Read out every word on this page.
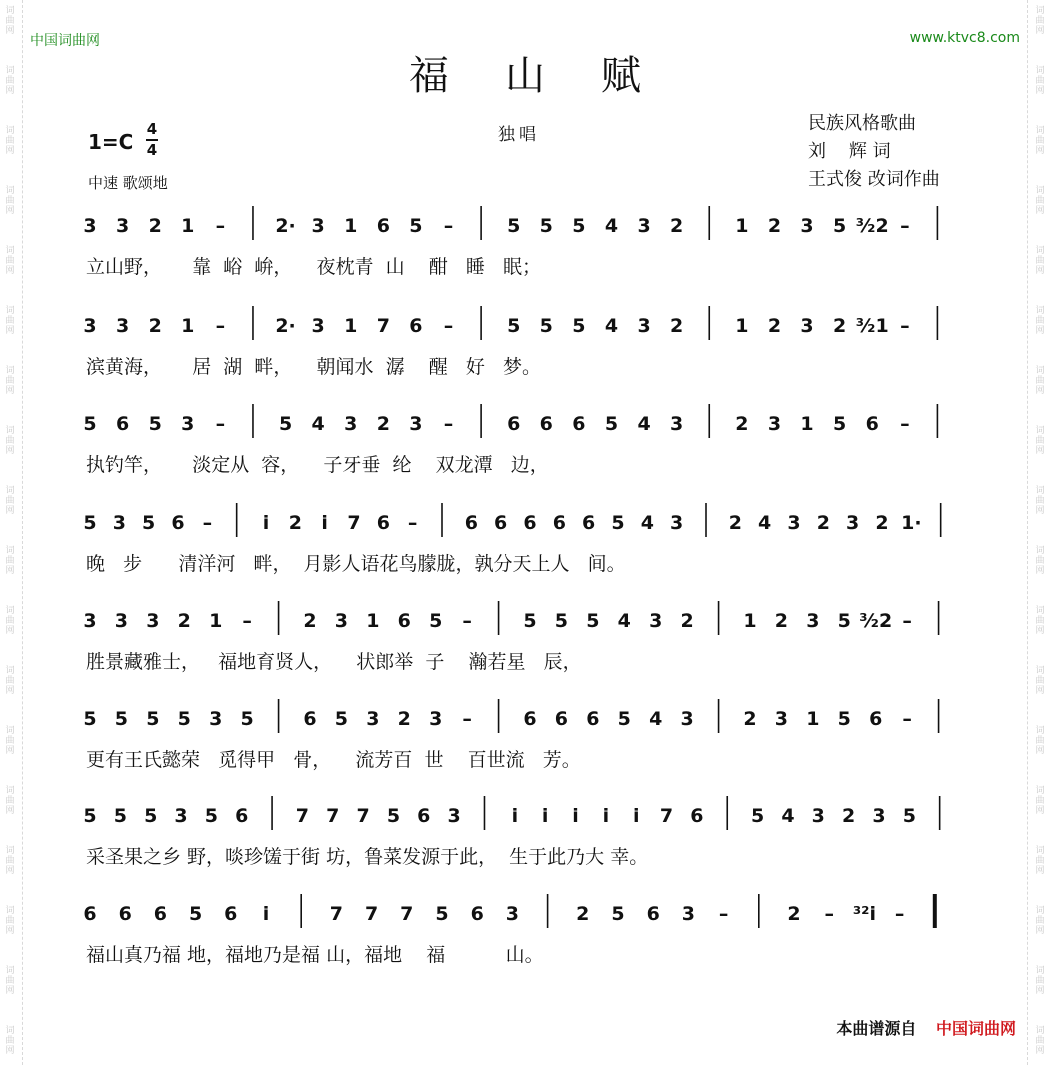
词曲网
词曲网
词曲网
词曲网
词曲网
词曲网
词曲网
词曲网
词曲网
词曲网
词曲网
词曲网
词曲网
词曲网
词曲网
词曲网
词曲网
词曲网
词曲网
词曲网
词曲网
词曲网
词曲网
词曲网
词曲网
词曲网
词曲网
词曲网
词曲网
词曲网
词曲网
词曲网
词曲网
词曲网
词曲网
词曲网
中国词曲网	www.ktvc8.com
福山赋
1=C
4
4
中速 歌颂地
独唱
民族风格歌曲
刘    辉 词
王式俊 改词作曲
3 3 2 1 –	2· 3 1 6 5 –	5 5 5 4 3 2	1 2 3 5 ³⁄₂2 –
立山野，     靠  峪  峅，    夜枕青  山    酣   睡   眠；
3 3 2 1 –	2· 3 1 7 6 –	5 5 5 4 3 2	1 2 3 2 ³⁄₂1 –
滨黄海，     居  湖  畔，    朝闻水  潺    醒   好   梦。
5 6 5 3 –	5 4 3 2 3 –	6 6 6 5 4 3	2 3 1 5 6 –
执钓竿，     淡定从  容，    子牙垂  纶    双龙潭   边，
5 3 5 6 –	i 2 i 7 6 – 6 6 6 6 6 5 4 3 2 4 3 2 3 2 1·
晚   步      清洋河   畔，  月影人语花鸟朦胧，孰分天上人   间。
3 3 3 2 1 –	2 3 1 6 5 –	5 5 5 4 3 2	1 2 3 5 ³⁄₂2 –
胜景藏雅士，   福地育贤人，    状郎举  子    瀚若星   辰，
5 5 5 5 3 5	6 5 3 2 3 –	6 6 6 5 4 3	2 3 1 5 6 –
更有王氏懿荣   觅得甲   骨，    流芳百  世    百世流   芳。
5 5 5 3 5 6 7 7 7 5 6 3	i i i i i 7 6 5 4 3 2 3 5
采圣果之乡 野，啖珍馐于街 坊，鲁菜发源于此，  生于此乃大 幸。
6 6 6 5 6 i	7 7 7 5 6 3	2 5 6 3 –	2 – ³²i –
福山真乃福 地，福地乃是福 山，福地    福          山。
本曲谱源自 中国词曲网
